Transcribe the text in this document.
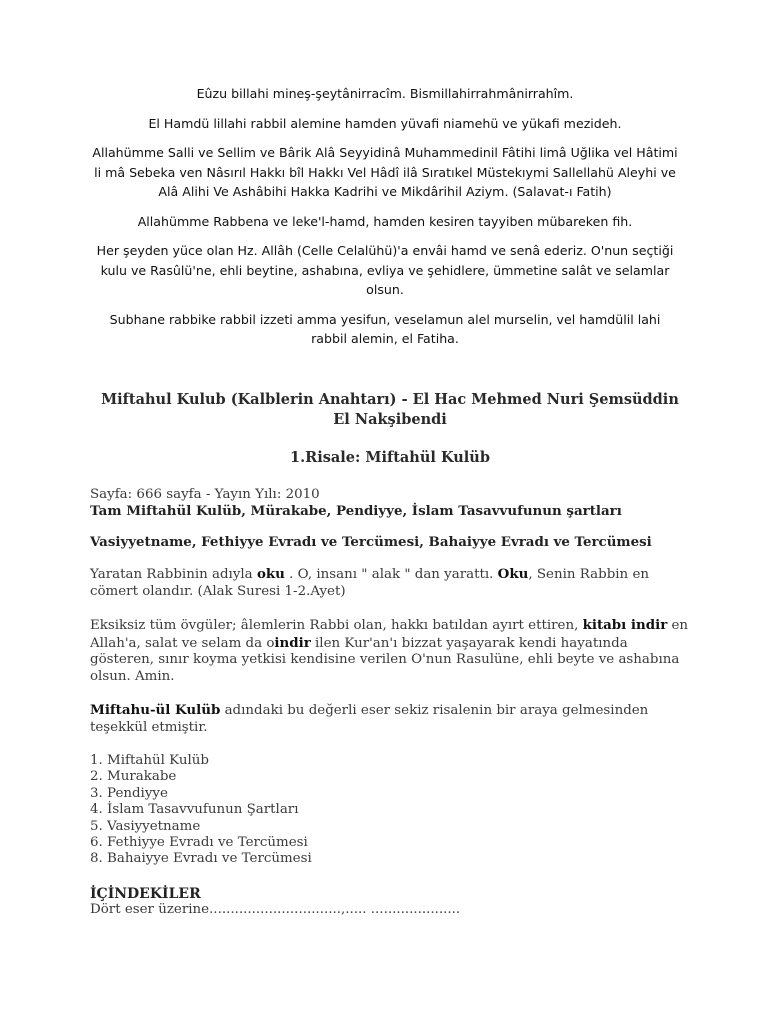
Eûzu billahi mineş-şeytânirracîm. Bismillahirrahmânirrahîm.

El Hamdü lillahi rabbil alemine hamden yüvafi niamehü ve yükafi mezideh.

Allahümme Salli ve Sellim ve Bârik Alâ Seyyidinâ Muhammedinil Fâtihi limâ Uğlika vel Hâtimi li mâ Sebeka ven Nâsırıl Hakkı bîl Hakkı Vel Hâdî ilâ Sıratıkel Müstekıymi Sallellahü Aleyhi ve Alâ Alihi Ve Ashâbihi Hakka Kadrihi ve Mikdârihil Aziym. (Salavat-ı Fatih)

Allahümme Rabbena ve leke'l-hamd, hamden kesiren tayyiben mübareken fih.

Her şeyden yüce olan Hz. Allâh (Celle Celalühü)'a envâi hamd ve senâ ederiz. O'nun seçtiği kulu ve Rasûlü'ne, ehli beytine, ashabına, evliya ve şehidlere, ümmetine salât ve selamlar olsun.

Subhane rabbike rabbil izzeti amma yesifun, veselamun alel murselin, vel hamdülil lahi rabbil alemin, el Fatiha.

Miftahul Kulub (Kalblerin Anahtarı) - El Hac Mehmed Nuri Şemsüddin El Nakşibendi
1.Risale: Miftahül Kulüb
Sayfa: 666 sayfa - Yayın Yılı: 2010
Tam Miftahül Kulüb, Mürakabe, Pendiyye, İslam Tasavvufunun şartları
Vasiyyetname, Fethiyye Evradı ve Tercümesi, Bahaiyye Evradı ve Tercümesi

Yaratan Rabbinin adıyla oku . O, insanı " alak " dan yarattı. Oku, Senin Rabbin en cömert olandır. (Alak Suresi 1-2.Ayet)

Eksiksiz tüm övgüler; âlemlerin Rabbi olan, hakkı batıldan ayırt ettiren, kitabı indir en Allah'a, salat ve selam da oindir ilen Kur'an'ı bizzat yaşayarak kendi hayatında gösteren, sınır koyma yetkisi kendisine verilen O'nun Rasulüne, ehli beyte ve ashabına olsun. Amin.

Miftahu-ül Kulüb adındaki bu değerli eser sekiz risalenin bir araya gelmesinden teşekkül etmiştir.

1. Miftahül Kulüb
2. Murakabe
3. Pendiyye
4. İslam Tasavvufunun Şartları
5. Vasiyyetname
6. Fethiyye Evradı ve Tercümesi
8. Bahaiyye Evradı ve Tercümesi
İÇİNDEKİLER
Dört eser üzerine...............................,..... .....................
